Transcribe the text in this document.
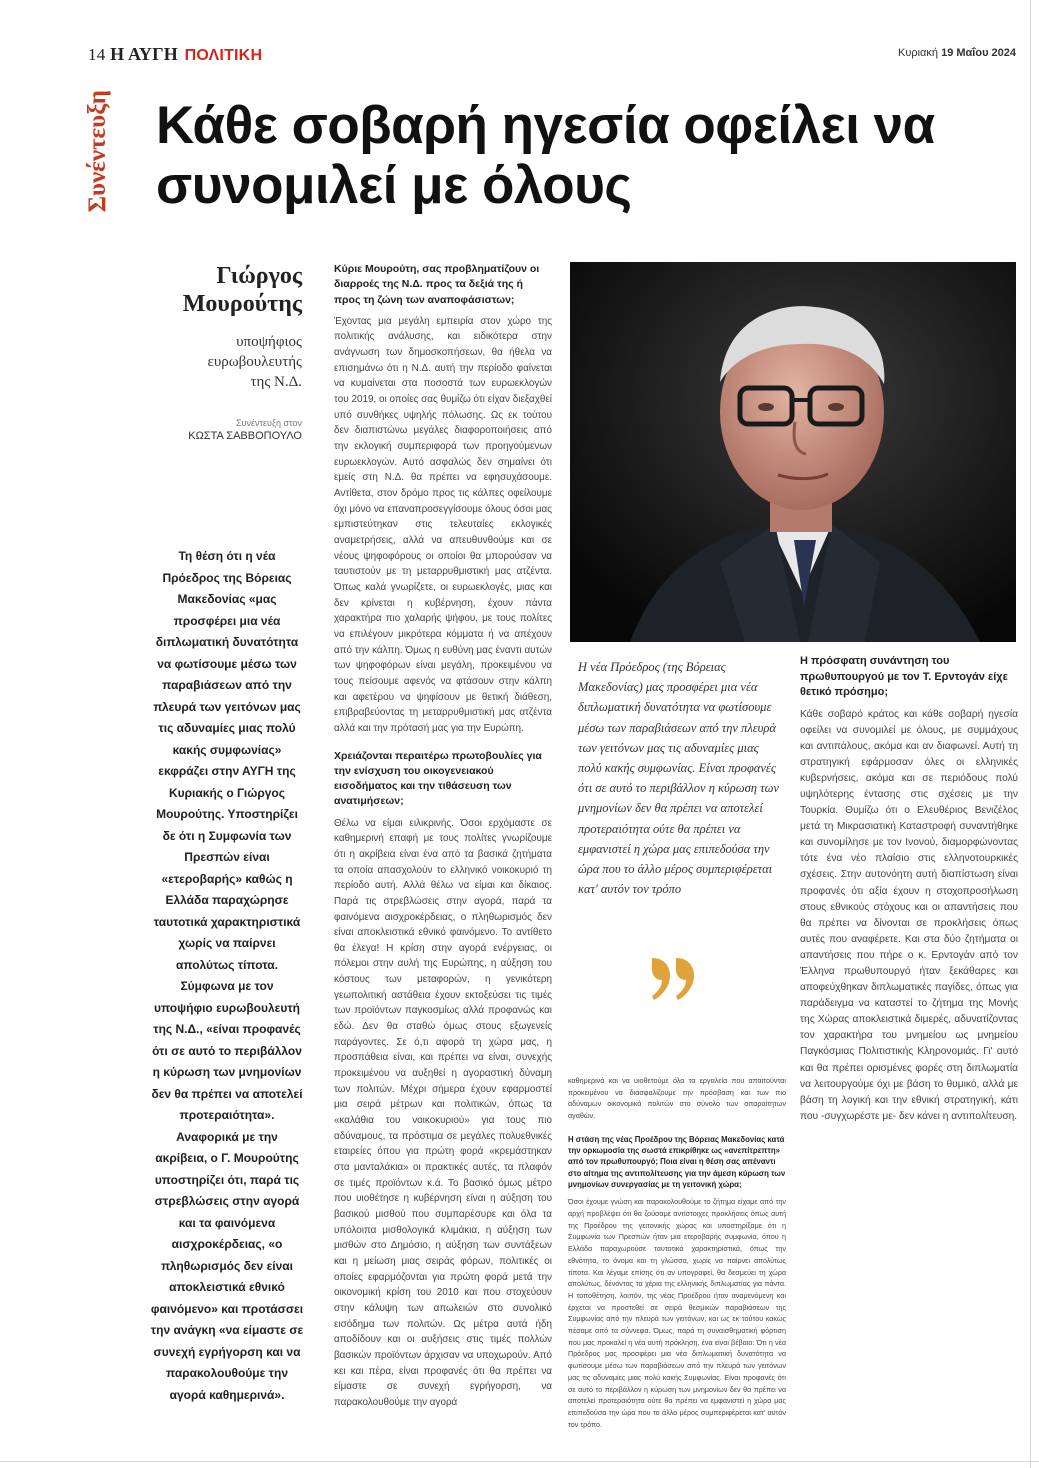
14 Η ΑΥΓΗ ΠΟΛΙΤΙΚΗ	Κυριακή 19 Μαΐου 2024
Συνέντευξη Κάθε σοβαρή ηγεσία οφείλει να συνομιλεί με όλους
Γιώργος
Μουρούτης
υποψήφιος
ευρωβουλευτής
της Ν.Δ.
Συνέντευξη στον
ΚΩΣΤΑ ΣΑΒΒΟΠΟΥΛΟ
Τη θέση ότι η νέα Πρόεδρος της Βόρειας Μακεδονίας «μας προσφέρει μια νέα διπλωματική δυνατότητα να φωτίσουμε μέσω των παραβιάσεων από την πλευρά των γειτόνων μας τις αδυναμίες μιας πολύ κακής συμφωνίας» εκφράζει στην ΑΥΓΗ της Κυριακής ο Γιώργος Μουρούτης. Υποστηρίζει δε ότι η Συμφωνία των Πρεσπών είναι «ετεροβαρής» καθώς η Ελλάδα παραχώρησε ταυτοτικά χαρακτηριστικά χωρίς να παίρνει απολύτως τίποτα. Σύμφωνα με τον υποψήφιο ευρωβουλευτή της Ν.Δ., «είναι προφανές ότι σε αυτό το περιβάλλον η κύρωση των μνημονίων δεν θα πρέπει να αποτελεί προτεραιότητα». Αναφορικά με την ακρίβεια, ο Γ. Μουρούτης υποστηρίζει ότι, παρά τις στρεβλώσεις στην αγορά και τα φαινόμενα αισχροκέρδειας, «ο πληθωρισμός δεν είναι αποκλειστικά εθνικό φαινόμενο» και προτάσσει την ανάγκη «να είμαστε σε συνεχή εγρήγορση και να παρακολουθούμε την αγορά καθημερινά».

Κύριε Μουρούτη, σας προβληματίζουν οι διαρροές της Ν.Δ. προς τα δεξιά της ή προς τη ζώνη των αναποφάσιστων;

Έχοντας μια μεγάλη εμπειρία στον χώρο της πολιτικής ανάλυσης, και ειδικότερα στην ανάγνωση των δημοσκοπήσεων, θα ήθελα να επισημάνω ότι η Ν.Δ. αυτή την περίοδο φαίνεται να κυμαίνεται στα ποσοστά των ευρωεκλογών του 2019, οι οποίες σας θυμίζω ότι είχαν διεξαχθεί υπό συνθήκες υψηλής πόλωσης. Ως εκ τούτου δεν διαπιστώνω μεγάλες διαφοροποιήσεις από την εκλογική συμπεριφορά των προηγούμενων ευρωεκλογών. Αυτό ασφαλώς δεν σημαίνει ότι εμείς στη Ν.Δ. θα πρέπει να εφησυχάσουμε. Αντίθετα, στον δρόμο προς τις κάλπες οφείλουμε όχι μόνο να επαναπροσεγγίσουμε όλους όσοι μας εμπιστεύτηκαν στις τελευταίες εκλογικές αναμετρήσεις, αλλά να απευθυνθούμε και σε νέους ψηφοφόρους οι οποίοι θα μπορούσαν να ταυτιστούν με τη μεταρρυθμιστική μας ατζέντα. Όπως καλά γνωρίζετε, οι ευρωεκλογές, μιας και δεν κρίνεται η κυβέρνηση, έχουν πάντα χαρακτήρα πιο χαλαρής ψήφου, με τους πολίτες να επιλέγουν μικρότερα κόμματα ή να απέχουν από την κάλπη. Όμως η ευθύνη μας έναντι αυτών των ψηφοφόρων είναι μεγάλη, προκειμένου να τους πείσουμε αφενός να φτάσουν στην κάλπη και αφετέρου να ψηφίσουν με θετική διάθεση, επιβραβεύοντας τη μεταρρυθμιστική μας ατζέντα αλλά και την πρότασή μας για την Ευρώπη.

Χρειάζονται περαιτέρω πρωτοβουλίες για την ενίσχυση του οικογενειακού εισοδήματος και την τιθάσευση των ανατιμήσεων;

Θέλω να είμαι ειλικρινής. Όσοι ερχόμαστε σε καθημερινή επαφή με τους πολίτες γνωρίζουμε ότι η ακρίβεια είναι ένα από τα βασικά ζητήματα τα οποία απασχολούν το ελληνικό νοικοκυριό τη περίοδο αυτή. Αλλά θέλω να είμαι και δίκαιος. Παρά τις στρεβλώσεις στην αγορά, παρά τα φαινόμενα αισχροκέρδειας, ο πληθωρισμός δεν είναι αποκλειστικά εθνικό φαινόμενο. Το αντίθετο θα έλεγα! Η κρίση στην αγορά ενέργειας, οι πόλεμοι στην αυλή της Ευρώπης, η αύξηση του κόστους των μεταφορών, η γενικότερη γεωπολιτική αστάθεια έχουν εκτοξεύσει τις τιμές των προϊόντων παγκοσμίως αλλά προφανώς και εδώ. Δεν θα σταθώ όμως στους εξωγενείς παράγοντες. Σε ό,τι αφορά τη χώρα μας, η προσπάθεια είναι, και πρέπει να είναι, συνεχής προκειμένου να αυξηθεί η αγοραστική δύναμη των πολιτών. Μέχρι σήμερα έχουν εφαρμοστεί μια σειρά μέτρων και πολιτικών, όπως τα «καλάθια του νοικοκυριού» για τους πιο αδύναμους, τα πρόστιμα σε μεγάλες πολυεθνικές εταιρείες όπου για πρώτη φορά «κρεμάστηκαν στα μανταλάκια» οι πρακτικές αυτές, τα πλαφόν σε τιμές προϊόντων κ.ά. Το βασικό όμως μέτρο που υιοθέτησε η κυβέρνηση είναι η αύξηση του βασικού μισθού που συμπαρέσυρε και όλα τα υπόλοιπα μισθολογικά κλιμάκια, η αύξηση των μισθών στο Δημόσιο, η αύξηση των συντάξεων και η μείωση μιας σειράς φόρων, πολιτικές οι οποίες εφαρμόζονται για πρώτη φορά μετά την οικονομική κρίση του 2010 και που στοχεύουν στην κάλυψη των απωλειών στο συνολικό εισόδημα των πολιτών. Ως μέτρα αυτά ήδη αποδίδουν και οι αυξήσεις στις τιμές πολλών βασικών προϊόντων άρχισαν να υποχωρούν. Από κει και πέρα, είναι προφανές ότι θα πρέπει να είμαστε σε συνεχή εγρήγορση, να παρακολουθούμε την αγορά

Η νέα Πρόεδρος (της Βόρειας Μακεδονίας) μας προσφέρει μια νέα διπλωματική δυνατότητα να φωτίσουμε μέσω των παραβιάσεων από την πλευρά των γειτόνων μας τις αδυναμίες μιας πολύ κακής συμφωνίας. Είναι προφανές ότι σε αυτό το περιβάλλον η κύρωση των μνημονίων δεν θα πρέπει να αποτελεί προτεραιότητα ούτε θα πρέπει να εμφανιστεί η χώρα μας επιπεδούσα την ώρα που το άλλο μέρος συμπεριφέρεται κατ' αυτόν τον τρόπο

καθημερινά και να υιοθετούμε όλα τα εργαλεία που απαιτούνται προκειμένου να διασφαλίζουμε την πρόσβαση και των πιο αδύναμων οικονομικά πολιτών στο σύνολο των απαραίτητων αγαθών.

Η στάση της νέας Προέδρου της Βόρειας Μακεδονίας κατά την ορκωμοσία της σωστά επικρίθηκε ως «ανεπίτρεπτη» από τον πρωθυπουργό; Ποια είναι η θέση σας απέναντι στο αίτημα της αντιπολίτευσης για την άμεση κύρωση των μνημονίων συνεργασίας με τη γειτονική χώρα;

Όσοι έχουμε γνώση και παρακολουθούμε το ζήτημα είχαμε από την αρχή προβλέψει ότι θα ζούσαμε αντίστοιχες προκλήσεις όπως αυτή της Προέδρου της γειτονικής χώρας και υποστηρίξαμε ότι η Συμφωνία των Πρεσπών ήταν μια ετεροβαρής συμφωνία, όπου η Ελλάδα παραχωρούσε ταυτοτικά χαρακτηριστικά, όπως την εθνότητα, το όνομα και τη γλώσσα, χωρίς να παίρνει απολύτως τίποτα. Και λέγαμε επίσης ότι αν υπογραφεί, θα δεσμεύει τη χώρα απολύτως, δένοντας τα χέρια της ελληνικής διπλωματίας για πάντα. Η τοποθέτηση, λοιπόν, της νέας Προέδρου ήταν αναμενόμενη και έρχεται να προστεθεί σε σειρά θεσμικών παραβιάσεων της Συμφωνίας από την πλευρά των γειτόνων, και ως εκ τούτου κακώς πέσαμε από τα σύννεφα. Όμως, παρά τη συναισθηματική φόρτιση που μας προκαλεί η νέα αυτή πρόκληση, ένα είναι βέβαιο: Ότι η νέα Πρόεδρος μας προσφέρει μια νέα διπλωματική δυνατότητα να φωτίσουμε μέσω των παραβιάσεων από την πλευρά των γειτόνων μας τις αδυναμίες μιας πολύ κακής Συμφωνίας. Είναι προφανές ότι σε αυτό το περιβάλλον η κύρωση των μνημονίων δεν θα πρέπει να αποτελεί προτεραιότητα ούτε θα πρέπει να εμφανιστεί η χώρα μας επιπεδούσα την ώρα που το άλλο μέρος συμπεριφέρεται κατ' αυτόν τον τρόπο.

Η πρόσφατη συνάντηση του πρωθυπουργού με τον Τ. Ερντογάν είχε θετικό πρόσημο;

Κάθε σοβαρό κράτος και κάθε σοβαρή ηγεσία οφείλει να συνομιλεί με όλους, με συμμάχους και αντιπάλους, ακόμα και αν διαφωνεί. Αυτή τη στρατηγική εφάρμοσαν όλες οι ελληνικές κυβερνήσεις, ακόμα και σε περιόδους πολύ υψηλότερης έντασης στις σχέσεις με την Τουρκία. Θυμίζω ότι ο Ελευθέριος Βενιζέλος μετά τη Μικρασιατική Καταστροφή συναντήθηκε και συνομίλησε με τον Ινονού, διαμορφώνοντας τότε ένα νέο πλαίσιο στις ελληνοτουρκικές σχέσεις. Στην αυτονόητη αυτή διαπίστωση είναι προφανές ότι αξία έχουν η στοχοπροσήλωση στους εθνικούς στόχους και οι απαντήσεις που θα πρέπει να δίνονται σε προκλήσεις όπως αυτές που αναφέρετε. Και στα δύο ζητήματα οι απαντήσεις που πήρε ο κ. Ερντογάν από τον Έλληνα πρωθυπουργό ήταν ξεκάθαρες και αποφεύχθηκαν διπλωματικές παγίδες, όπως για παράδειγμα να καταστεί το ζήτημα της Μονής της Χώρας αποκλειστικά διμερές, αδυνατίζοντας τον χαρακτήρα του μνημείου ως μνημείου Παγκόσμιας Πολιτιστικής Κληρονομιάς. Γι' αυτό και θα πρέπει ορισμένες φορές στη διπλωματία να λειτουργούμε όχι με βάση το θυμικό, αλλά με βάση τη λογική και την εθνική στρατηγική, κάτι που -συγχωρέστε με- δεν κάνει η αντιπολίτευση.
